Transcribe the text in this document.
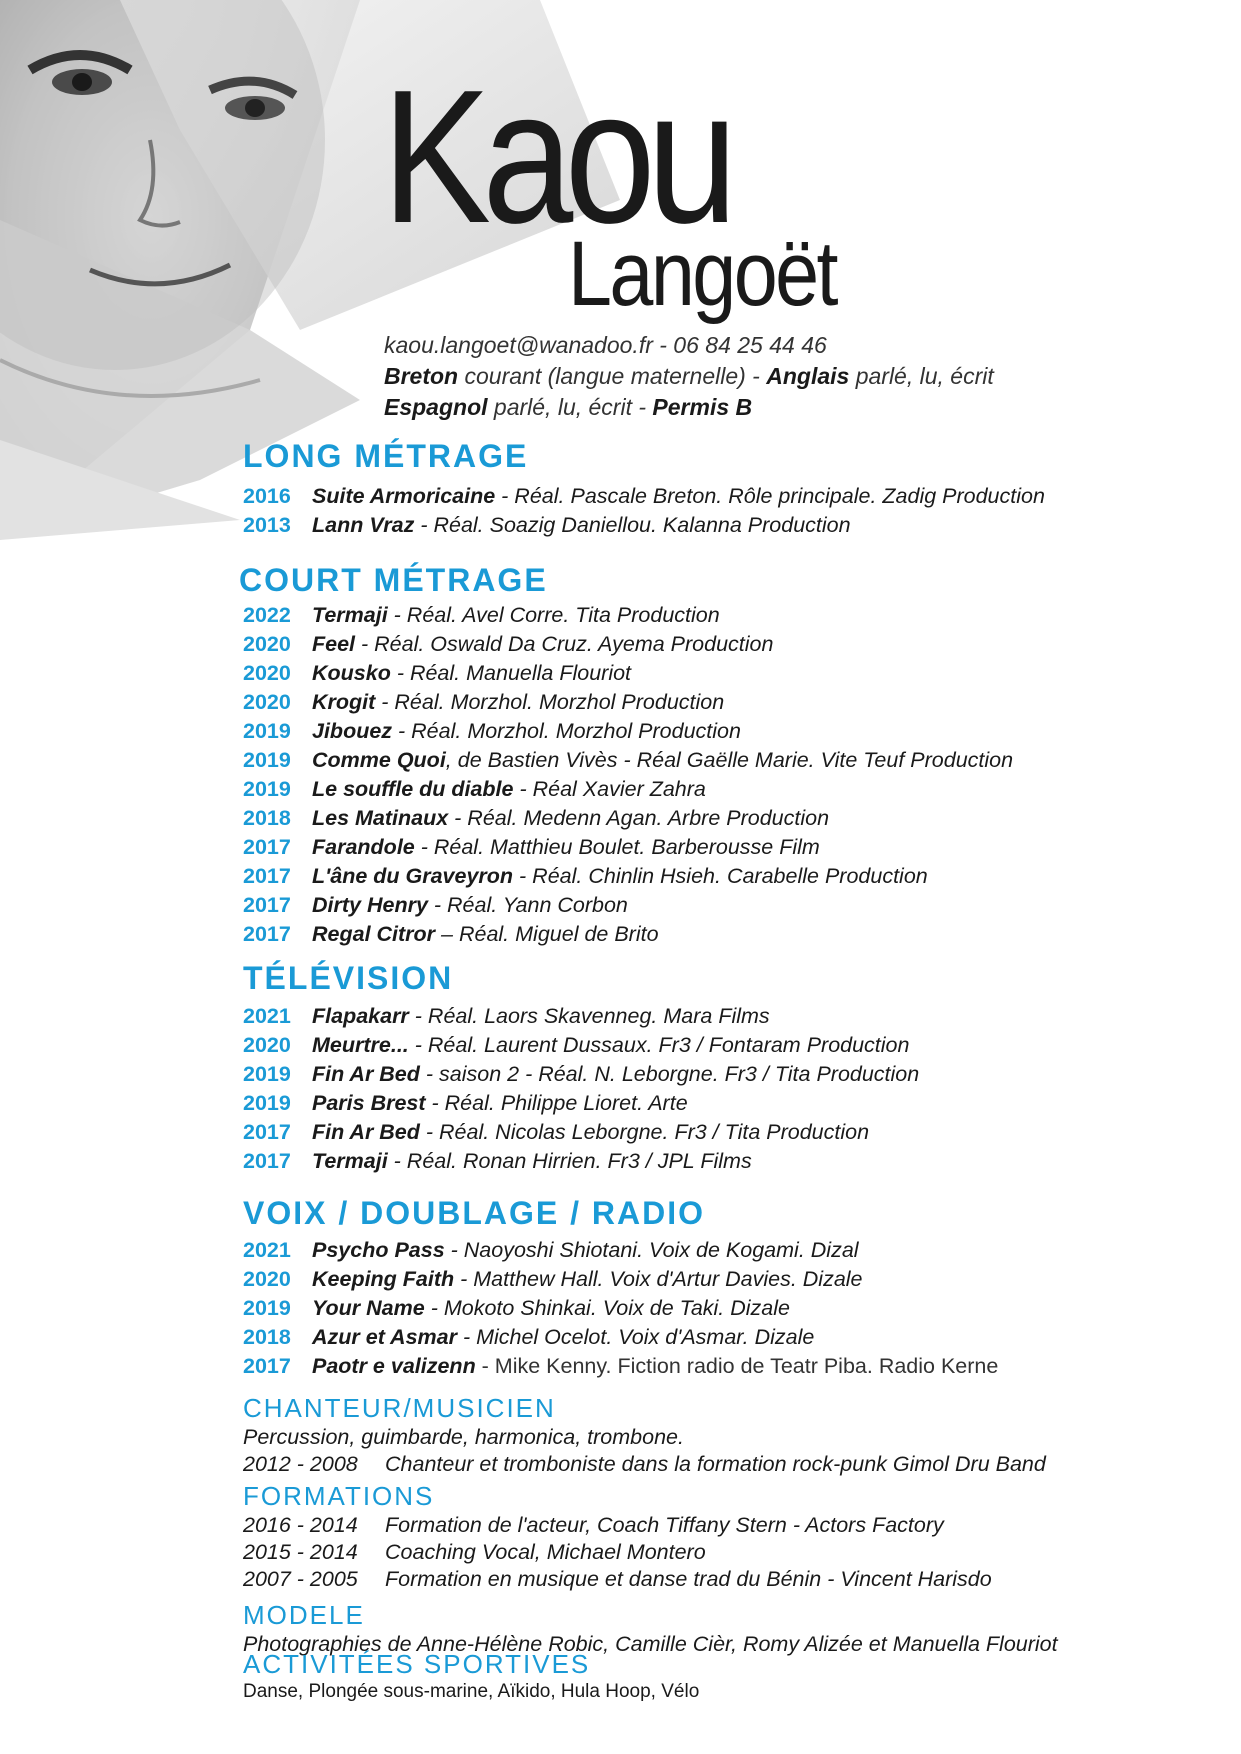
Kaou
Langoët
kaou.langoet@wanadoo.fr - 06 84 25 44 46
Breton courant (langue maternelle) - Anglais parlé, lu, écrit
Espagnol parlé, lu, écrit - Permis B
LONG MÉTRAGE
2016 Suite Armoricaine - Réal. Pascale Breton. Rôle principale. Zadig Production
2013 Lann Vraz - Réal. Soazig Daniellou. Kalanna Production
COURT MÉTRAGE
2022 Termaji - Réal. Avel Corre. Tita Production
2020 Feel - Réal. Oswald Da Cruz. Ayema Production
2020 Kousko - Réal. Manuella Flouriot
2020 Krogit - Réal. Morzhol. Morzhol Production
2019 Jibouez - Réal. Morzhol. Morzhol Production
2019 Comme Quoi, de Bastien Vivès - Réal Gaëlle Marie. Vite Teuf Production
2019 Le souffle du diable - Réal Xavier Zahra
2018 Les Matinaux - Réal. Medenn Agan. Arbre Production
2017 Farandole - Réal. Matthieu Boulet. Barberousse Film
2017 L'âne du Graveyron - Réal. Chinlin Hsieh. Carabelle Production
2017 Dirty Henry - Réal. Yann Corbon
2017 Regal Citror – Réal. Miguel de Brito
TÉLÉVISION
2021 Flapakarr - Réal. Laors Skavenneg. Mara Films
2020 Meurtre... - Réal. Laurent Dussaux. Fr3 / Fontaram Production
2019 Fin Ar Bed - saison 2 - Réal. N. Leborgne. Fr3 / Tita Production
2019 Paris Brest - Réal. Philippe Lioret. Arte
2017 Fin Ar Bed - Réal. Nicolas Leborgne. Fr3 / Tita Production
2017 Termaji - Réal. Ronan Hirrien. Fr3 / JPL Films
VOIX / DOUBLAGE / RADIO
2021 Psycho Pass - Naoyoshi Shiotani. Voix de Kogami. Dizal
2020 Keeping Faith - Matthew Hall. Voix d'Artur Davies. Dizale
2019 Your Name - Mokoto Shinkai. Voix de Taki. Dizale
2018 Azur et Asmar - Michel Ocelot. Voix d'Asmar. Dizale
2017 Paotr e valizenn - Mike Kenny. Fiction radio de Teatr Piba. Radio Kerne
CHANTEUR/MUSICIEN
Percussion, guimbarde, harmonica, trombone.
2012 - 2008 Chanteur et tromboniste dans la formation rock-punk Gimol Dru Band
FORMATIONS
2016 - 2014 Formation de l'acteur, Coach Tiffany Stern - Actors Factory
2015 - 2014 Coaching Vocal, Michael Montero
2007 - 2005 Formation en musique et danse trad du Bénin - Vincent Harisdo
MODELE
Photographies de Anne-Hélène Robic, Camille Cièr, Romy Alizée et Manuella Flouriot
ACTIVITÉES SPORTIVES
Danse, Plongée sous-marine, Aïkido, Hula Hoop, Vélo
